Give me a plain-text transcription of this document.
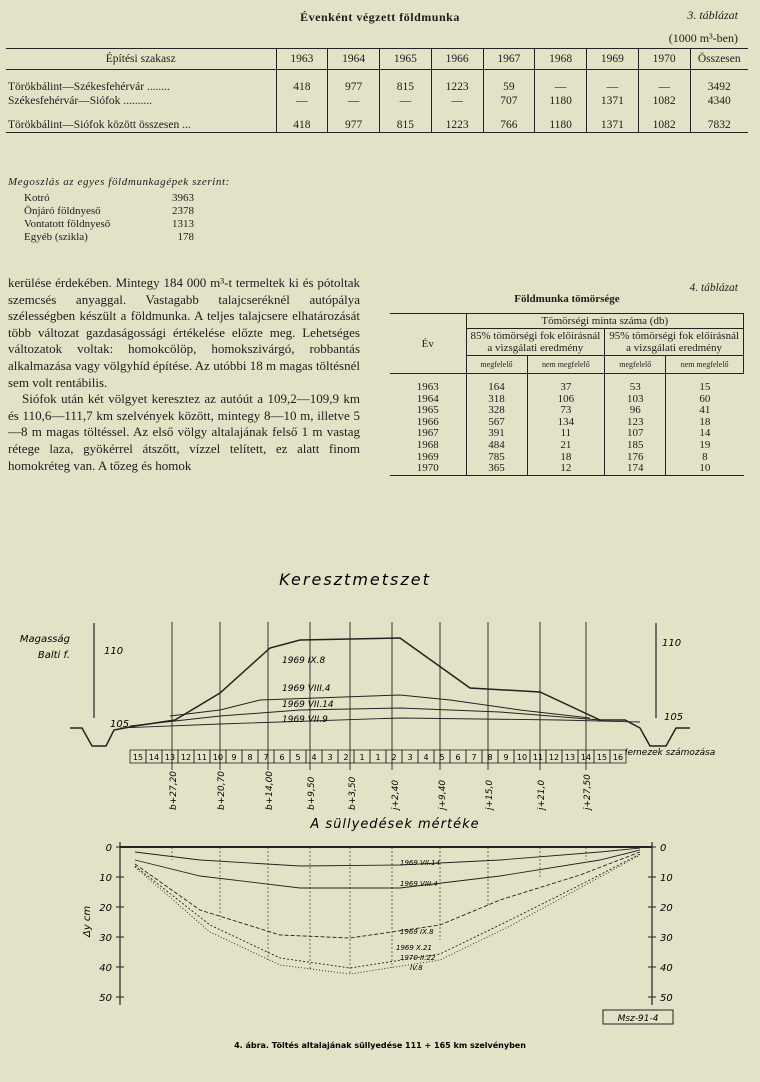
Évenként végzett földmunka	3. táblázat
(1000 m³-ben)
Építési szakasz	1963	1964	1965	1966	1967	1968	1969	1970	Összesen

Törökbálint—Székesfehérvár ........	418	977	815	1223	59	—	—	—	3492
Székesfehérvár—Siófok ..........	—	—	—	—	707	1180	1371	1082	4340

Törökbálint—Siófok között összesen ...	418	977	815	1223	766	1180	1371	1082	7832
Megoszlás az egyes földmunkagépek szerint:
Kotró	3963
Önjáró földnyeső	2378
Vontatott földnyeső	1313
Egyéb (szikla)	178

kerülése érdekében. Mintegy 184 000 m³-t termeltek ki és pótoltak szemcsés anyaggal. Vastagabb talajcseréknél autópálya szélességben készült a földmunka. A teljes talajcsere elhatározását több változat gazdaságossági értékelése előzte meg. Lehetséges változatok voltak: homokcölöp, homokszivárgó, robbantás alkalmazása vagy völgyhíd építése. Az utóbbi 18 m magas töltésnél sem volt rentábilis.

Siófok után két völgyet keresztez az autóút a 109,2—109,9 km és 110,6—111,7 km szelvények között, mintegy 8—10 m, illetve 5—8 m magas töltéssel. Az első völgy altalajának felső 1 m vastag rétege laza, gyökérrel átszőtt, vízzel telített, ez alatt finom homokréteg van. A tőzeg és homok

4. táblázat
Földmunka tömörsége
Év	Tömörségi minta száma (db)			
	85% tömörségi fok előírásnál a vizsgálati eredmény		95% tömörségi fok előírásnál a vizsgálati eredmény	
	megfelelő	nem megfelelő	megfelelő	nem megfelelő

1963	164	37	53	15
1964	318	106	103	60
1965	328	73	96	41
1966	567	134	123	18
1967	391	11	107	14
1968	484	21	185	19
1969	785	18	176	8
1970	365	12	174	10
Keresztmetszet
Magasság
Balti f.	110
110
105
105
1969 IX.8
1969 VIII.4
1969 VII.14
1969 VII.9
15 14 13 12 11 10 9 8 7 6 5 4 3 2 1 1 2 3 4 5 6 7 8 9 10 11 12 13 14 15 16 lemezek számozása
b+27,20	b+20,70	b+14,00	b+9,50	b+3,50	j+2,40	j+9,40	j+15,0	j+21,0	j+27,50
A süllyedések mértéke
Δy cm
0	0
10	10
20	20
30	30
40	40
50	50
1969 VII.14
1969 VIII.4
1969 IX.8
1969 X.21
1970 II.22
IV.8
Msz-91-4
4. ábra. Töltés altalajának süllyedése 111 + 165 km szelvényben
